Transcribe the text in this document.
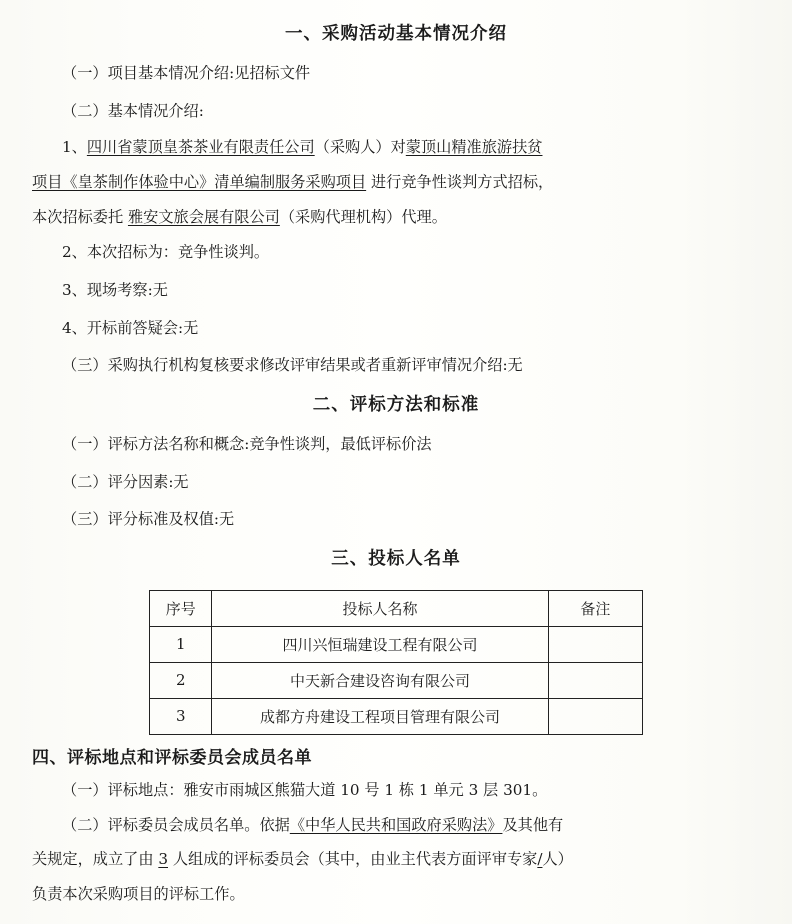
一、采购活动基本情况介绍

（一）项目基本情况介绍:见招标文件

（二）基本情况介绍:

1、四川省蒙顶皇茶茶业有限责任公司（采购人）对蒙顶山精准旅游扶贫

项目《皇茶制作体验中心》清单编制服务采购项目 进行竞争性谈判方式招标，

本次招标委托 雅安文旅会展有限公司（采购代理机构）代理。

2、本次招标为：竞争性谈判。

3、现场考察:无

4、开标前答疑会:无

（三）采购执行机构复核要求修改评审结果或者重新评审情况介绍:无

二、评标方法和标准

（一）评标方法名称和概念:竞争性谈判，最低评标价法

（二）评分因素:无

（三）评分标准及权值:无

三、投标人名单
序号	投标人名称	备注
1	四川兴恒瑞建设工程有限公司	
2	中天新合建设咨询有限公司	
3	成都方舟建设工程项目管理有限公司	
四、评标地点和评标委员会成员名单

（一）评标地点：雅安市雨城区熊猫大道 10 号 1 栋 1 单元 3 层 301。

（二）评标委员会成员名单。依据《中华人民共和国政府采购法》及其他有

关规定，成立了由 3 人组成的评标委员会（其中，由业主代表方面评审专家/人）

负责本次采购项目的评标工作。
